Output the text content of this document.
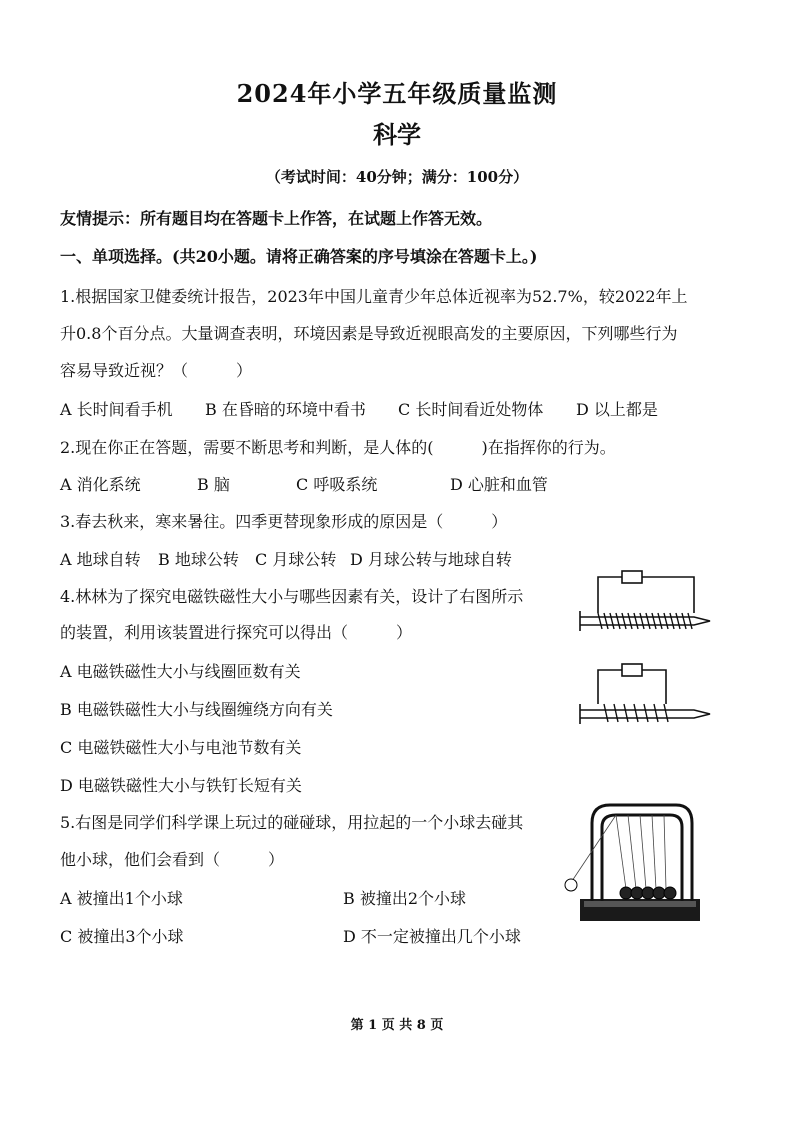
2024年小学五年级质量监测
科学
（考试时间：40分钟；满分：100分）
友情提示：所有题目均在答题卡上作答，在试题上作答无效。
一、单项选择。(共20小题。请将正确答案的序号填涂在答题卡上。)
1.根据国家卫健委统计报告，2023年中国儿童青少年总体近视率为52.7%，较2022年上
升0.8个百分点。大量调查表明，环境因素是导致近视眼高发的主要原因，下列哪些行为
容易导致近视？（　　　）
A 长时间看手机 B 在昏暗的环境中看书 C 长时间看近处物体 D 以上都是
2.现在你正在答题，需要不断思考和判断，是人体的(　　　)在指挥你的行为。
A 消化系统	B 脑	C 呼吸系统	D 心脏和血管
3.春去秋来，寒来暑往。四季更替现象形成的原因是（　　　）
A 地球自转 B 地球公转 C 月球公转 D 月球公转与地球自转
4.林林为了探究电磁铁磁性大小与哪些因素有关，设计了右图所示
的装置，利用该装置进行探究可以得出（　　　）
A 电磁铁磁性大小与线圈匝数有关
B 电磁铁磁性大小与线圈缠绕方向有关
C 电磁铁磁性大小与电池节数有关
D 电磁铁磁性大小与铁钉长短有关
5.右图是同学们科学课上玩过的碰碰球，用拉起的一个小球去碰其
他小球，他们会看到（　　　）
A 被撞出1个小球	B 被撞出2个小球
C 被撞出3个小球	D 不一定被撞出几个小球
第 1 页 共 8 页
